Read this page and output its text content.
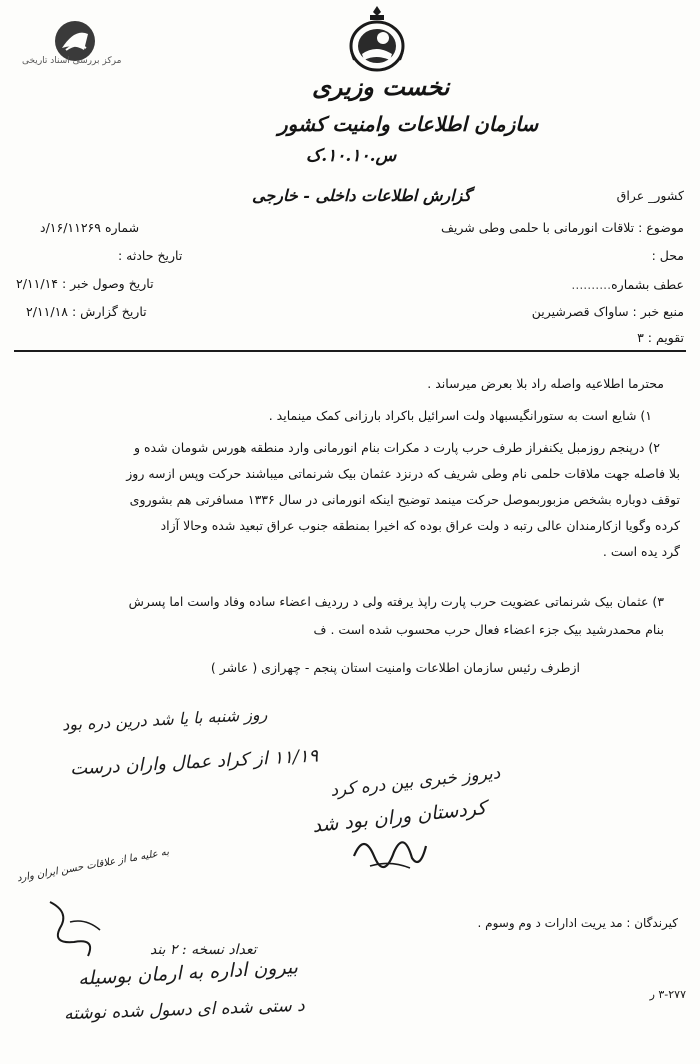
مرکز بررسی اسناد تاریخی
نخست وزیری
سازمان اطلاعات وامنیت کشور
س.۱۰.۱۰.ک
گزارش اطلاعات داخلی - خارجی	کشور_ عراق
موضوع : تلاقات انورمانی با حلمی وطی شریف
محل :
عطف بشماره..........
منبع خبر : ساواک قصرشیرین
تقویم : ۳
شماره ۱۶/۱۱۲۶۹/د
تاریخ حادثه :
تاریخ وصول خبر : ۲/۱۱/۱۴
تاریخ گزارش : ۲/۱۱/۱۸
محترما اطلاعیه واصله راد بلا بعرض میرساند .
۱) شایع است به ستورانگیسبهاد ولت اسرائیل باکراد بارزانی کمک مینماید .
۲) درپنجم روزمبل یکنفراز طرف حرب پارت د مکرات بنام انورمانی وارد منطقه هورس شومان شده و
بلا فاصله جهت ملاقات حلمی نام وطی شریف که درنزد عثمان بیک شرنماتی میباشند حرکت وپس ازسه روز
توقف دوباره بشخص مزبوربموصل حرکت مینمد توضیح اینکه انورمانی در سال ۱۳۳۶ مسافرتی هم بشوروی
کرده وگویا ازکارمندان عالی رتبه د ولت عراق بوده که اخیرا بمنطقه جنوب عراق تبعید شده وحالا آزاد
گرد یده است .
۳) عثمان بیک شرنماتی عضویت حرب پارت راپذ یرفته ولی د رردیف اعضاء ساده وفاد واست اما پسرش
بنام محمدرشید بیک جزء اعضاء فعال حرب محسوب شده است . ف
ازطرف رئیس سازمان اطلاعات وامنیت استان پنجم - چهرازی ( عاشر )
روز شنبه با یا شد درین دره بود
۱۱/۱۹ از کراد عمال واران درست
دیروز خبری بین دره کرد
کردستان وران بود شد
به علیه ما از علاقات حسن ایران وارد
کیرندگان : مد یریت ادارات د وم وسوم .
تعداد نسخه : ۲ بند
بیرون اداره به ارمان بوسیله
د ستی شده ای دسول شده نوشته
۳-۲۷۷ ر
